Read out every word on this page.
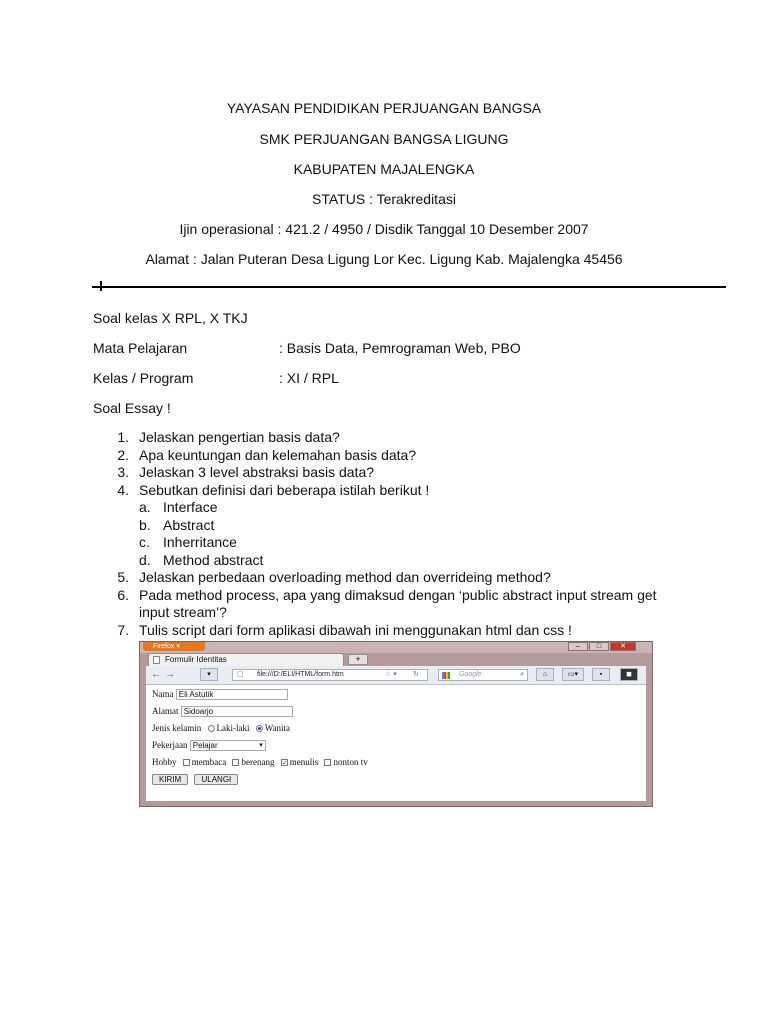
YAYASAN PENDIDIKAN PERJUANGAN BANGSA
SMK PERJUANGAN BANGSA LIGUNG
KABUPATEN MAJALENGKA
STATUS : Terakreditasi
Ijin operasional : 421.2 / 4950 / Disdik Tanggal 10 Desember 2007
Alamat : Jalan Puteran Desa Ligung Lor Kec. Ligung Kab. Majalengka 45456
Soal kelas X RPL, X TKJ
Mata Pelajaran	: Basis Data, Pemrograman Web, PBO
Kelas / Program	: XI / RPL
Soal Essay !
1. Jelaskan pengertian basis data?
2. Apa keuntungan dan kelemahan basis data?
3. Jelaskan 3 level abstraksi basis data?
4. Sebutkan definisi dari beberapa istilah berikut !
a. Interface
b. Abstract
c. Inherritance
d. Method abstract
5. Jelaskan perbedaan overloading method dan overrideing method?
6. Pada method process, apa yang dimaksud dengan ‘public abstract input stream get
input stream’?
7. Tulis script dari form aplikasi dibawah ini menggunakan html dan css !
Firefox ▾	–	□	✕
Formulir Identitas	+
← →	▾	▢ file:///D:/ELI/HTML/form.htm	☆ ▾ ↻	Google	⌕	⌂	▭▾	▪	◼
Nama Eli Astutik
Alamat Sidoarjo
Jenis kelamin Laki-laki Wanita
Pekerjaan Pelajar	▾
Hobby membaca berenang ✓ menulis nonton tv
KIRIM	ULANGI
